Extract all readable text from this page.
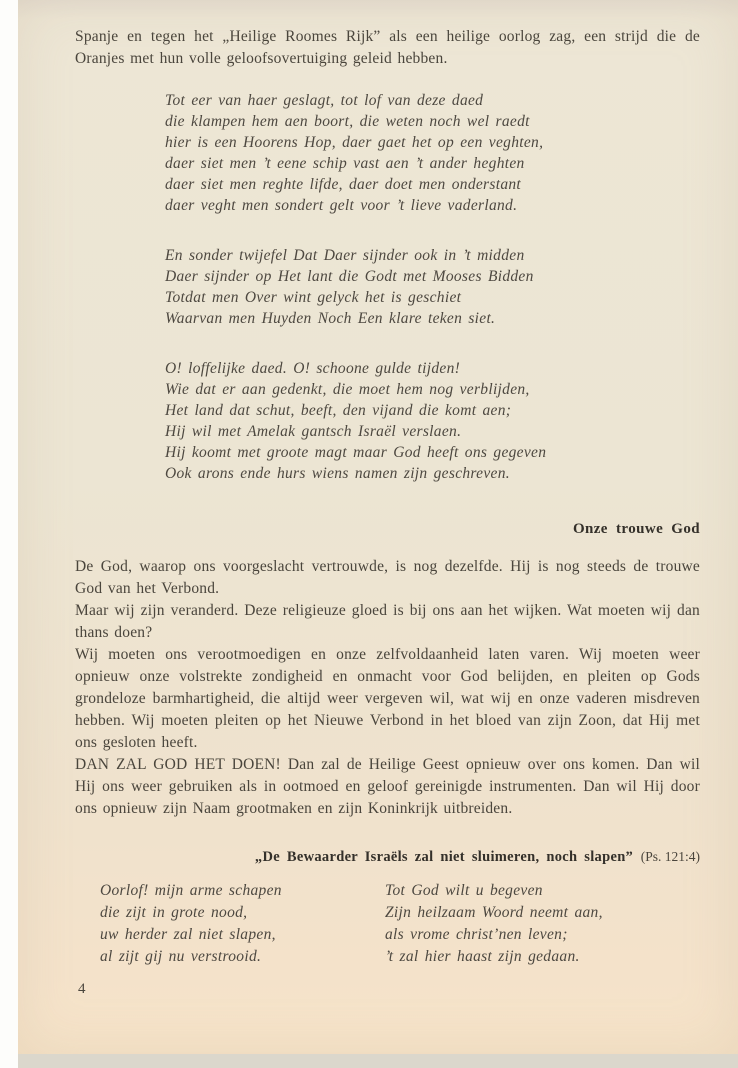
Spanje en tegen het „Heilige Roomes Rijk” als een heilige oorlog zag, een strijd die de Oranjes met hun volle geloofsovertuiging geleid hebben.

Tot eer van haer geslagt, tot lof van deze daed
die klampen hem aen boort, die weten noch wel raedt
hier is een Hoorens Hop, daer gaet het op een veghten,
daer siet men ’t eene schip vast aen ’t ander heghten
daer siet men reghte lifde, daer doet men onderstant
daer veght men sondert gelt voor ’t lieve vaderland.
En sonder twijefel Dat Daer sijnder ook in ’t midden
Daer sijnder op Het lant die Godt met Mooses Bidden
Totdat men Over wint gelyck het is geschiet
Waarvan men Huyden Noch Een klare teken siet.
O! loffelijke daed. O! schoone gulde tijden!
Wie dat er aan gedenkt, die moet hem nog verblijden,
Het land dat schut, beeft, den vijand die komt aen;
Hij wil met Amelak gantsch Israël verslaen.
Hij koomt met groote magt maar God heeft ons gegeven
Ook arons ende hurs wiens namen zijn geschreven.
Onze trouwe God

De God, waarop ons voorgeslacht vertrouwde, is nog dezelfde. Hij is nog steeds de trouwe God van het Verbond.

Maar wij zijn veranderd. Deze religieuze gloed is bij ons aan het wijken. Wat moeten wij dan thans doen?

Wij moeten ons verootmoedigen en onze zelfvoldaanheid laten varen. Wij moeten weer opnieuw onze volstrekte zondigheid en onmacht voor God belijden, en pleiten op Gods grondeloze barmhartigheid, die altijd weer vergeven wil, wat wij en onze vaderen misdreven hebben. Wij moeten pleiten op het Nieuwe Verbond in het bloed van zijn Zoon, dat Hij met ons gesloten heeft.

DAN ZAL GOD HET DOEN! Dan zal de Heilige Geest opnieuw over ons komen. Dan wil Hij ons weer gebruiken als in ootmoed en geloof gereinigde instrumenten. Dan wil Hij door ons opnieuw zijn Naam grootmaken en zijn Koninkrijk uitbreiden.

„De Bewaarder Israëls zal niet sluimeren, noch slapen” (Ps. 121:4)
Oorlof! mijn arme schapen
die zijt in grote nood,
uw herder zal niet slapen,
al zijt gij nu verstrooid.
Tot God wilt u begeven
Zijn heilzaam Woord neemt aan,
als vrome christ’nen leven;
’t zal hier haast zijn gedaan.
4
